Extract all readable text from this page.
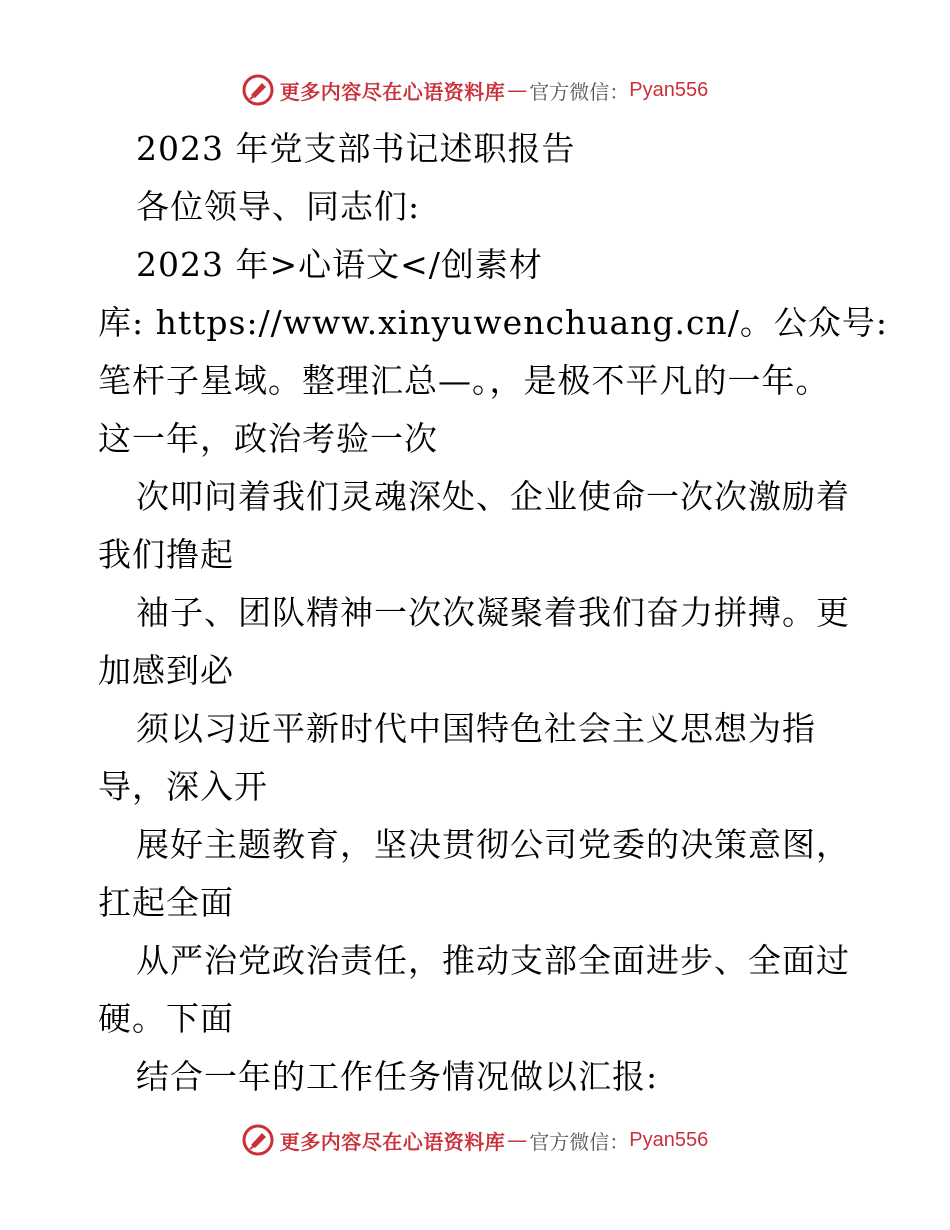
更多内容尽在心语资料库 — 官方微信： Pyan556
2023 年党支部书记述职报告
各位领导、同志们:
2023 年>心语文</创素材
库: https://www.xinyuwenchuang.cn/。公众号:
笔杆子星域。整理汇总—。，是极不平凡的一年。
这一年，政治考验一次
次叩问着我们灵魂深处、企业使命一次次激励着
我们撸起
袖子、团队精神一次次凝聚着我们奋力拼搏。更
加感到必
须以习近平新时代中国特色社会主义思想为指
导，深入开
展好主题教育，坚决贯彻公司党委的决策意图，
扛起全面
从严治党政治责任，推动支部全面进步、全面过
硬。下面
结合一年的工作任务情况做以汇报:
更多内容尽在心语资料库 — 官方微信： Pyan556
